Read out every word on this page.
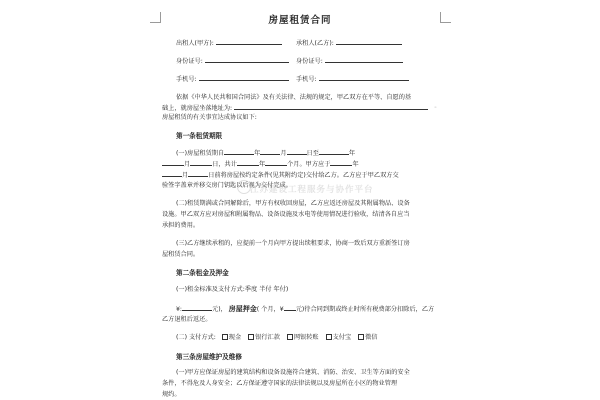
房屋租赁合同
出租人(甲方):	承租人(乙方):
身份证号:	身份证号:
手机号:	手机号:
依据《中华人民共和国合同法》及有关法律、法规的规定，甲乙双方在平等、自愿的基
础上，就房屋坐落地址为:	◦
房屋租赁的有关事宜达成协议如下:
第一条租赁期限
(一)房屋租赁期自	年	月	日至	年
月	日，共计	年	个月。甲方应于	年
月	日前将房屋按约定条件(见其附约定)交付给乙方。乙方应于甲乙双方交
验签字盖章并移交房门钥匙以后视为交付完成。
江苏建设工程服务与协作平台
(二)租赁期满或合同解除后，甲方有权收回房屋，乙方应返还房屋及其附属物品、设备
设施。甲乙双方应对房屋和附属物品、设备设施及水电等使用情况进行验收，结清各自应当
承担的费用。
(三)乙方继续承租的，应提前一个月向甲方提出续租要求，协商一致后双方重新签订房
屋租赁合同。
第二条租金及押金
(一)租金标准及支付方式:季度 半付 年付)
¥:	元)， 房屋押金( 个月，¥ 元)待合同到期或终止时所有税费部分扣除后，乙方
乙方退租后返还。
(二) 支付方式: 现金 银行汇款 网银转账 支付宝 微信
第三条房屋维护及维修
(一)甲方应保证房屋的建筑结构和设备设施符合建筑、消防、治安、卫生等方面的安全
条件，不得危及人身安全；乙方保证遵守国家的法律法规以及房屋所在小区的物业管理
规约。
